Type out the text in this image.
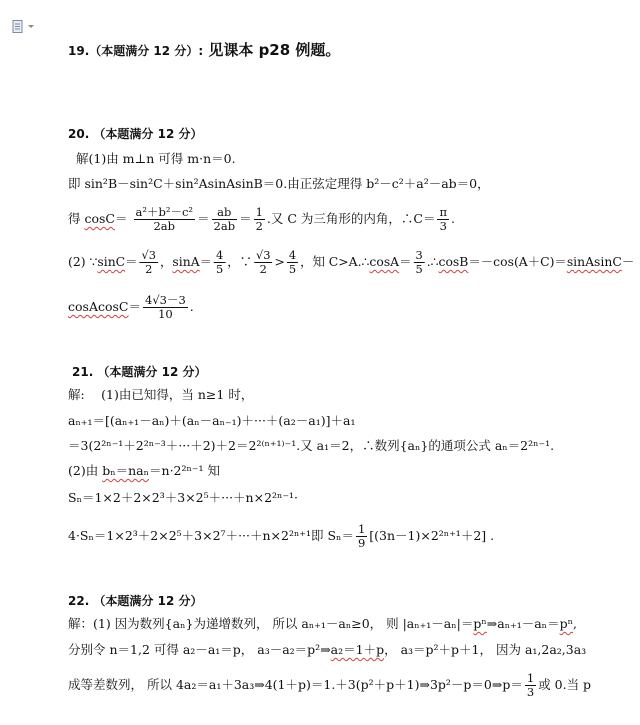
19.（本题满分 12 分）: 见课本 p28 例题。
20. （本题满分 12 分）
解(1)由 m⊥n 可得 m·n＝0.
即 sin²B－sin²C＋sin²AsinAsinB＝0.由正弦定理得 b²－c²＋a²－ab＝0，
得 $\cos C= \frac{\text{a²＋b²－c²}}{2ab} = \frac{ab}{2ab} = \frac{1}{2}$ .又 C 为三角形的内角，∴C＝ $\frac{\pi}{3}$ .
(2) ∵sinC＝ $\frac{√3}{2}$ ，$\sin A= \frac{4}{5}$ ，∵ $\frac{√3}{2} > \frac{4}{5}$ ，知 C>A.∴cosA＝ $\frac{3}{5}$ .∴cosB＝－cos(A＋C)＝sinAsinC－
cosAcosC＝ $\frac{4√3-3}{10}$ .
21. （本题满分 12 分）
解:　 (1)由已知得，当 n≥1 时，
aₙ₊₁＝[(aₙ₊₁－aₙ)＋(aₙ－aₙ₋₁)＋···＋(a₂－a₁)]＋a₁
＝3(2²ⁿ⁻¹＋2²ⁿ⁻³＋···＋2)＋2＝2²⁽ⁿ⁺¹⁾⁻¹.又 a₁＝2，∴数列{aₙ}的通项公式 aₙ＝2²ⁿ⁻¹.
(2)由 bₙ＝naₙ＝n·2²ⁿ⁻¹ 知
Sₙ＝1×2＋2×2³＋3×2⁵＋···＋n×2²ⁿ⁻¹·
4·Sₙ＝1×2³＋2×2⁵＋3×2⁷＋···＋n×2²ⁿ⁺¹即 $S_n= \frac{1}{9} [(3n-1)\times 2^{2n+1}+2]$ .
22. （本题满分 12 分）
解：(1) 因为数列{aₙ}为递增数列， 所以 aₙ₊₁－aₙ≥0， 则 |aₙ₊₁－aₙ|＝pⁿ⇒aₙ₊₁－aₙ＝pⁿ,
分别令 n＝1,2 可得 a₂－a₁＝p， a₃－a₂＝p²⇒a₂＝1＋p， a₃＝p²＋p＋1， 因为 a₁,2a₂,3a₃
成等差数列， 所以 4a₂＝a₁＋3a₃⇒4(1＋p)＝1.＋3(p²＋p＋1)⇒3p²－p＝0⇒p＝ $\frac{1}{3}$ 或 0.当 p
